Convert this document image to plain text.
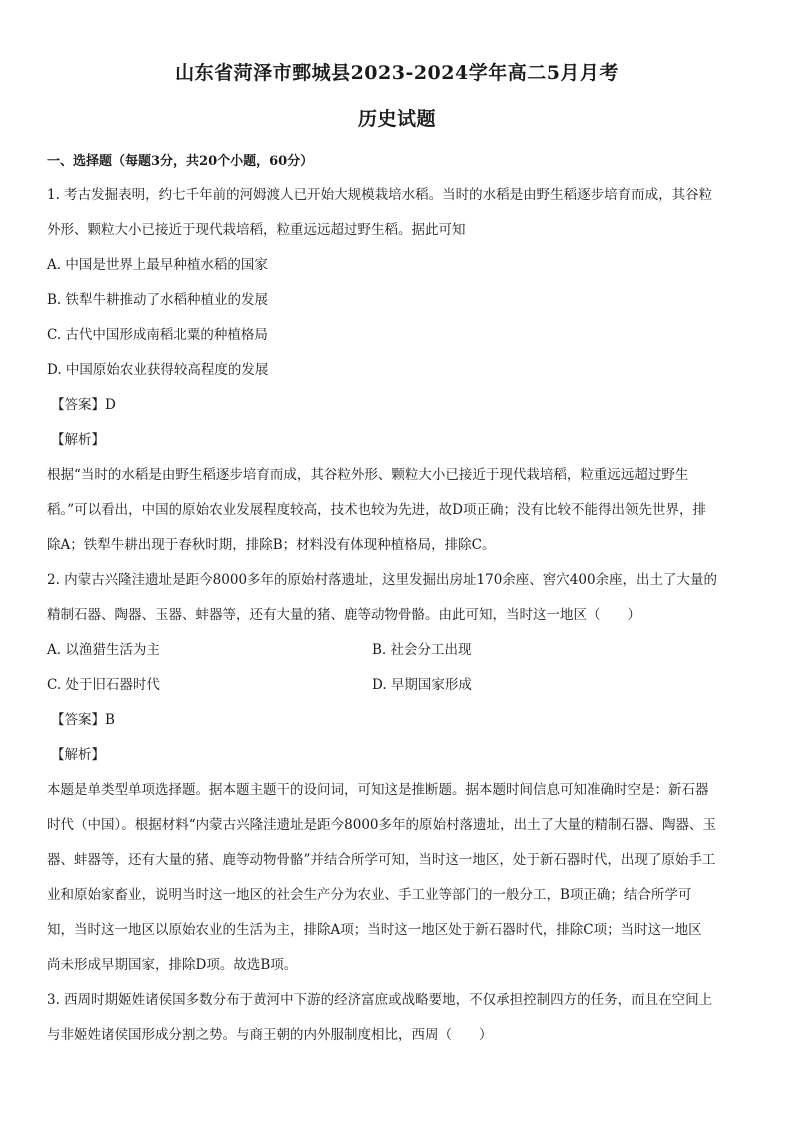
山东省菏泽市鄄城县2023-2024学年高二5月月考
历史试题
一、选择题（每题3分，共20个小题，60分）
1. 考古发掘表明，约七千年前的河姆渡人已开始大规模栽培水稻。当时的水稻是由野生稻逐步培育而成，其谷粒
外形、颗粒大小已接近于现代栽培稻，粒重远远超过野生稻。据此可知
A. 中国是世界上最早种植水稻的国家
B. 铁犁牛耕推动了水稻种植业的发展
C. 古代中国形成南稻北粟的种植格局
D. 中国原始农业获得较高程度的发展
【答案】D
【解析】
根据“当时的水稻是由野生稻逐步培育而成，其谷粒外形、颗粒大小已接近于现代栽培稻，粒重远远超过野生
稻。”可以看出，中国的原始农业发展程度较高，技术也较为先进，故D项正确；没有比较不能得出领先世界，排
除A；铁犁牛耕出现于春秋时期，排除B；材料没有体现种植格局，排除C。
2. 内蒙古兴隆洼遗址是距今8000多年的原始村落遗址，这里发掘出房址170余座、窖穴400余座，出土了大量的
精制石器、陶器、玉器、蚌器等，还有大量的猪、鹿等动物骨骼。由此可知，当时这一地区（　　）
A. 以渔猎生活为主	B. 社会分工出现
C. 处于旧石器时代	D. 早期国家形成
【答案】B
【解析】
本题是单类型单项选择题。据本题主题干的设问词，可知这是推断题。据本题时间信息可知准确时空是：新石器
时代（中国）。根据材料“内蒙古兴隆洼遗址是距今8000多年的原始村落遗址，出土了大量的精制石器、陶器、玉
器、蚌器等，还有大量的猪、鹿等动物骨骼”并结合所学可知，当时这一地区，处于新石器时代，出现了原始手工
业和原始家畜业，说明当时这一地区的社会生产分为农业、手工业等部门的一般分工，B项正确；结合所学可
知，当时这一地区以原始农业的生活为主，排除A项；当时这一地区处于新石器时代，排除C项；当时这一地区
尚未形成早期国家，排除D项。故选B项。
3. 西周时期姬姓诸侯国多数分布于黄河中下游的经济富庶或战略要地，不仅承担控制四方的任务，而且在空间上
与非姬姓诸侯国形成分割之势。与商王朝的内外服制度相比，西周（　　）
